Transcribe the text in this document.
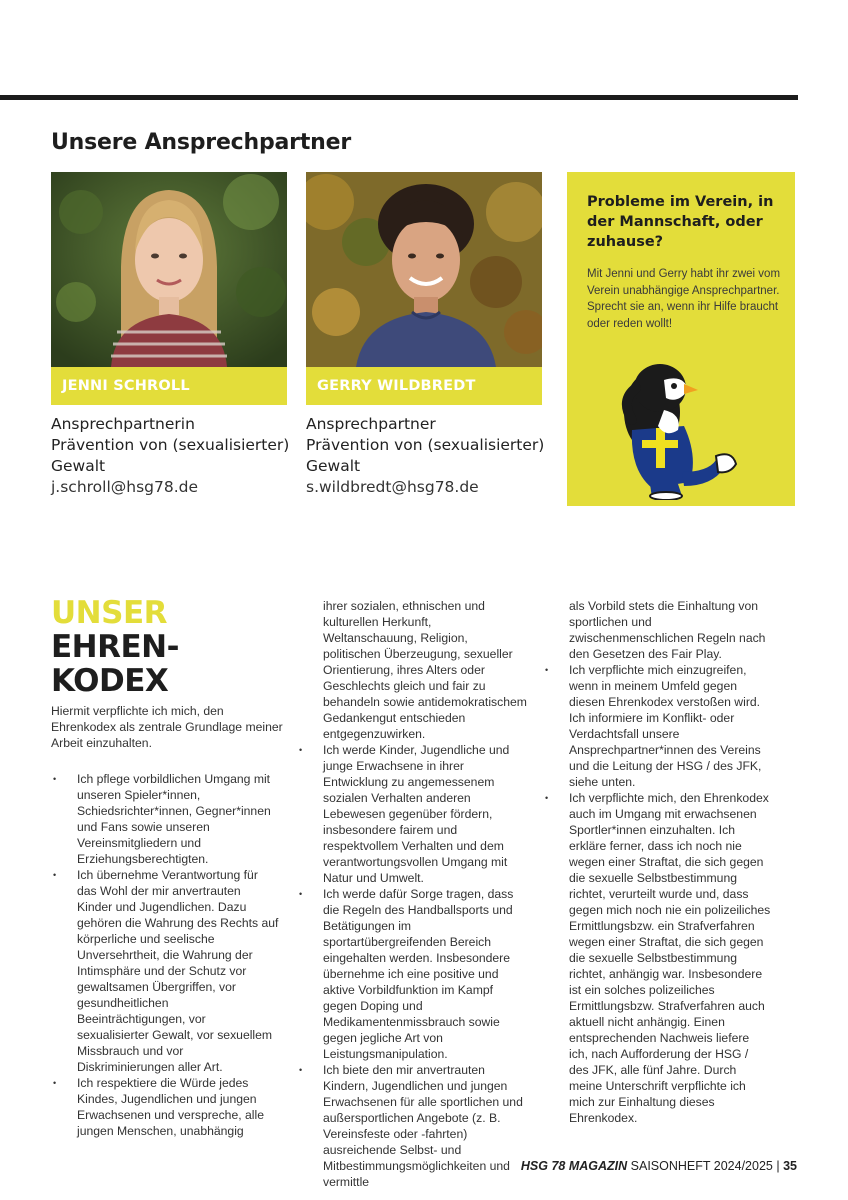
Unsere Ansprechpartner
JENNI SCHROLL	GERRY WILDBREDT
Ansprechpartnerin
Prävention von (sexualisierter)
Gewalt
j.schroll@hsg78.de
Ansprechpartner
Prävention von (sexualisierter)
Gewalt
s.wildbredt@hsg78.de
Probleme im Verein, in der Mannschaft, oder zuhause?
Mit Jenni und Gerry habt ihr zwei vom Verein unabhängige Ansprechpartner. Sprecht sie an, wenn ihr Hilfe braucht oder reden wollt!
UNSER
EHREN-
KODEX

Hiermit verpflichte ich mich, den Ehrenkodex als zentrale Grundlage meiner Arbeit einzuhalten.

• Ich pflege vorbildlichen Umgang mit unseren Spieler*innen, Schiedsrichter*innen, Gegner*innen und Fans sowie unseren Vereinsmitgliedern und Erziehungsberechtigten.

• Ich übernehme Verantwortung für das Wohl der mir anvertrauten Kinder und Jugendlichen. Dazu gehören die Wahrung des Rechts auf körperliche und seelische Unversehrtheit, die Wahrung der Intimsphäre und der Schutz vor gewaltsamen Übergriffen, vor gesundheitlichen Beeinträchtigungen, vor sexualisierter Gewalt, vor sexuellem Missbrauch und vor Diskriminierungen aller Art.

• Ich respektiere die Würde jedes Kindes, Jugendlichen und jungen Erwachsenen und verspreche, alle jungen Menschen, unabhängig

ihrer sozialen, ethnischen und kulturellen Herkunft, Weltanschauung, Religion, politischen Überzeugung, sexueller Orientierung, ihres Alters oder Geschlechts gleich und fair zu behandeln sowie antidemokratischem Gedankengut entschieden entgegenzuwirken.

• Ich werde Kinder, Jugendliche und junge Erwachsene in ihrer Entwicklung zu angemessenem sozialen Verhalten anderen Lebewesen gegenüber fördern, insbesondere fairem und respektvollem Verhalten und dem verantwortungsvollen Umgang mit Natur und Umwelt.

• Ich werde dafür Sorge tragen, dass die Regeln des Handballsports und Betätigungen im sportartübergreifenden Bereich eingehalten werden. Insbesondere übernehme ich eine positive und aktive Vorbildfunktion im Kampf gegen Doping und Medikamentenmissbrauch sowie gegen jegliche Art von Leistungsmanipulation.

• Ich biete den mir anvertrauten Kindern, Jugendlichen und jungen Erwachsenen für alle sportlichen und außersportlichen Angebote (z. B. Vereinsfeste oder -fahrten) ausreichende Selbst- und Mitbestimmungsmöglichkeiten und vermittle

als Vorbild stets die Einhaltung von sportlichen und zwischenmenschlichen Regeln nach den Gesetzen des Fair Play.

• Ich verpflichte mich einzugreifen, wenn in meinem Umfeld gegen diesen Ehrenkodex verstoßen wird. Ich informiere im Konflikt- oder Verdachtsfall unsere Ansprechpartner*innen des Vereins und die Leitung der HSG / des JFK, siehe unten.

• Ich verpflichte mich, den Ehrenkodex auch im Umgang mit erwachsenen Sportler*innen einzuhalten. Ich erkläre ferner, dass ich noch nie wegen einer Straftat, die sich gegen die sexuelle Selbstbestimmung richtet, verurteilt wurde und, dass gegen mich noch nie ein polizeiliches Ermittlungsbzw. ein Strafverfahren wegen einer Straftat, die sich gegen die sexuelle Selbstbestimmung richtet, anhängig war. Insbesondere ist ein solches polizeiliches Ermittlungsbzw. Strafverfahren auch aktuell nicht anhängig. Einen entsprechenden Nachweis liefere ich, nach Aufforderung der HSG / des JFK, alle fünf Jahre. Durch meine Unterschrift verpflichte ich mich zur Einhaltung dieses Ehrenkodex.

HSG 78 MAGAZIN SAISONHEFT 2024/2025 | 35
